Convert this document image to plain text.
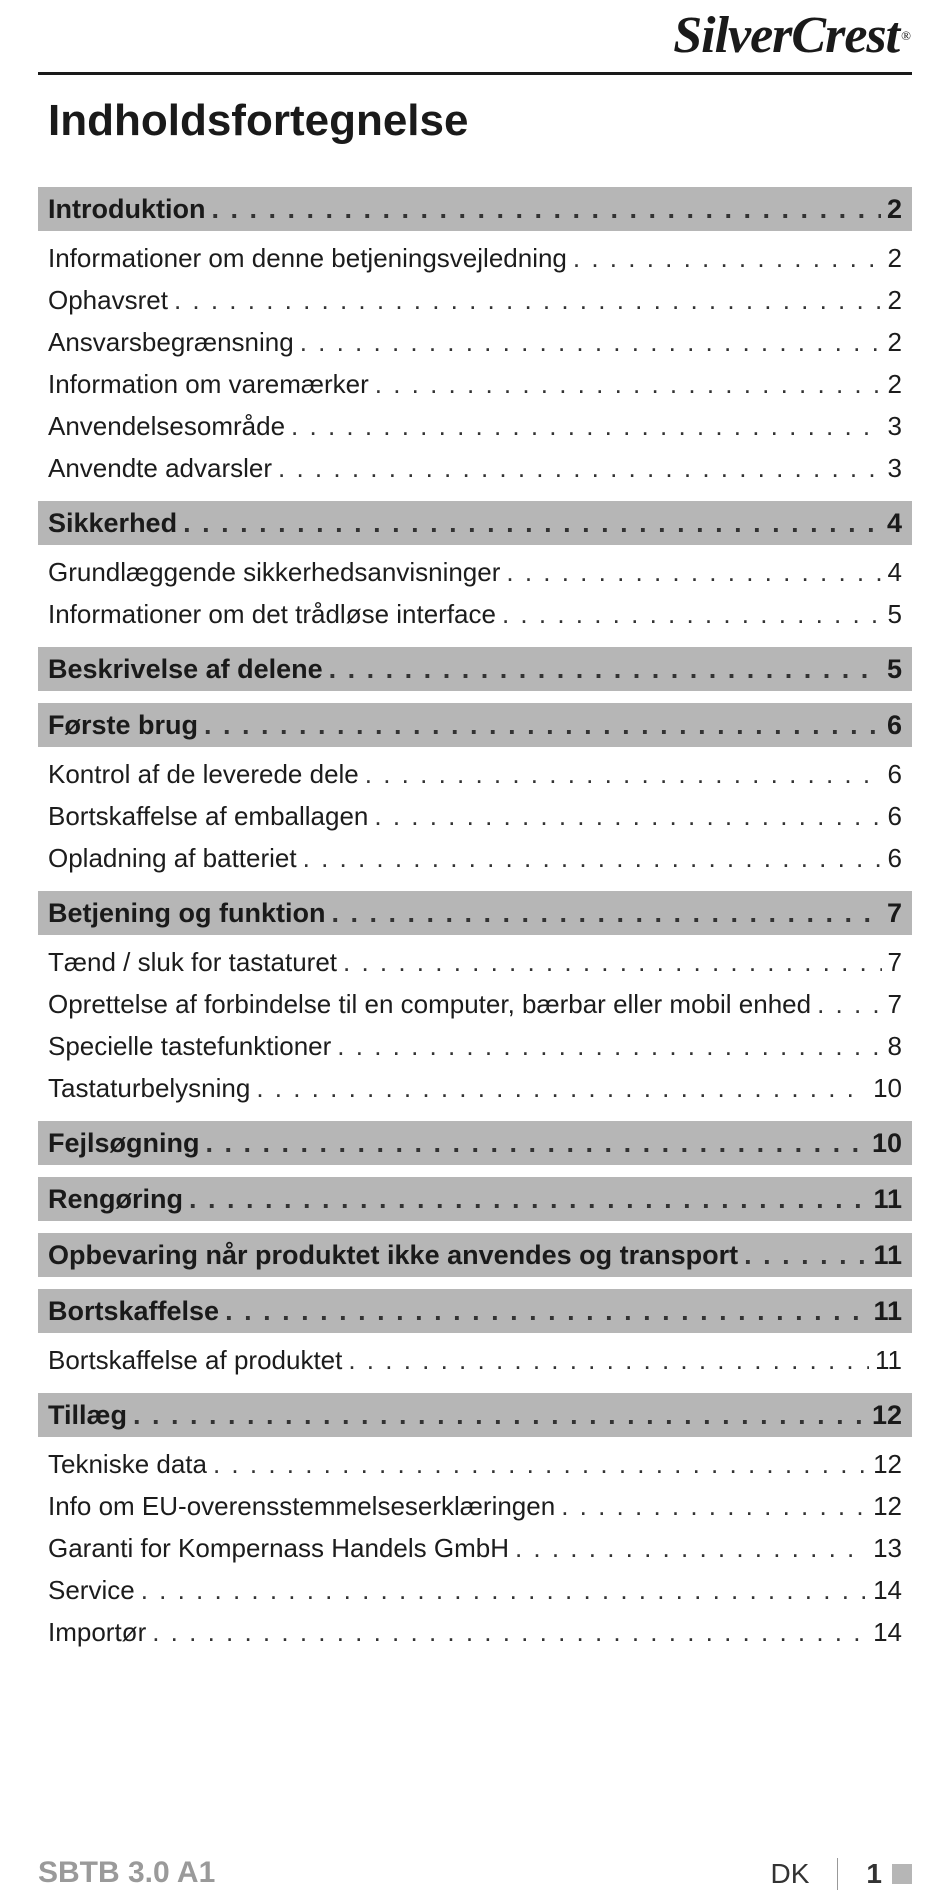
SilverCrest ®
Indholdsfortegnelse
Introduktion . . .	2
Informationer om denne betjeningsvejledning . . .	2
Ophavsret . . .	2
Ansvarsbegrænsning . . .	2
Information om varemærker . . .	2
Anvendelsesområde . . .	3
Anvendte advarsler . . .	3
Sikkerhed . . .	4
Grundlæggende sikkerhedsanvisninger . . .	4
Informationer om det trådløse interface . . .	5
Beskrivelse af delene . . .	5
Første brug . . .	6
Kontrol af de leverede dele . . .	6
Bortskaffelse af emballagen . . .	6
Opladning af batteriet . . .	6
Betjening og funktion . . .	7
Tænd / sluk for tastaturet . . .	7
Oprettelse af forbindelse til en computer, bærbar eller mobil enhed . . .	7
Specielle tastefunktioner . . .	8
Tastaturbelysning . . .	10
Fejlsøgning . . .	10
Rengøring . . .	11
Opbevaring når produktet ikke anvendes og transport . . .	11
Bortskaffelse . . .	11
Bortskaffelse af produktet . . .	11
Tillæg . . .	12
Tekniske data . . .	12
Info om EU-overensstemmelseserklæringen . . .	12
Garanti for Kompernass Handels GmbH . . .	13
Service . . .	14
Importør . . .	14
SBTB 3.0 A1	DK 1
